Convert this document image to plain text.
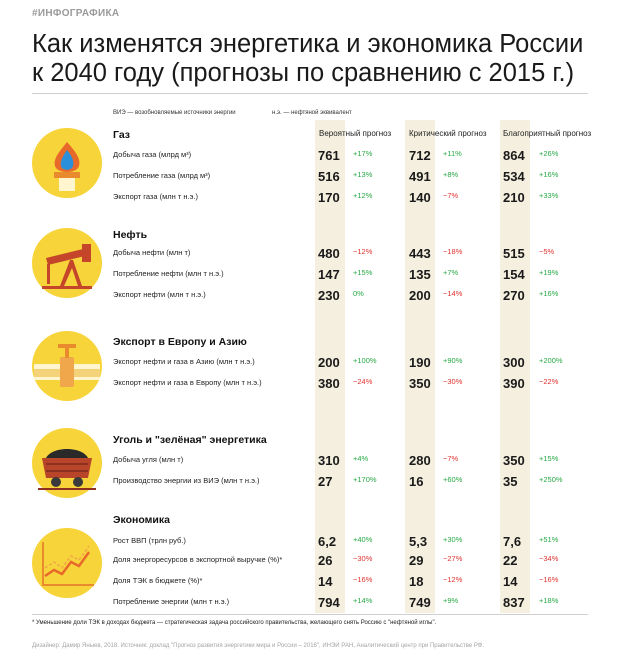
#ИНФОГРАФИКА
Как изменятся энергетика и экономика России к 2040 году (прогнозы по сравнению с 2015 г.)
ВИЭ — возобновляемые источники энергии	н.э. — нефтяной эквивалент
Вероятный прогноз Критический прогноз Благоприятный прогноз
Газ
Добыча газа (млрд м³)	761 +17%	712 +11%	864 +26%
Потребление газа (млрд м³)	516 +13%	491 +8%	534 +16%
Экспорт газа (млн т н.э.)	170 +12%	140 −7%	210 +33%
Нефть
Добыча нефти (млн т)	480 −12%	443 −18%	515 −5%
Потребление нефти (млн т н.э.)	147 +15%	135 +7%	154 +19%
Экспорт нефти (млн т н.э.)	230 0%	200 −14%	270 +16%
Экспорт в Европу и Азию
Экспорт нефти и газа в Азию (млн т н.э.)	200 +100% 190 +90%	300 +200%
Экспорт нефти и газа в Европу (млн т н.э.)	380 −24%	350 −30%	390 −22%
Уголь и "зелёная" энергетика
Добыча угля (млн т)	310 +4%	280 −7%	350 +15%
Производство энергии из ВИЭ (млн т н.э.)	27	+170% 16	+60%	35	+250%
Экономика
Рост ВВП (трлн руб.)	6,2 +40%	5,3 +30%	7,6 +51%
Доля энергоресурсов в экспортной выручке (%)*	26	−30%	29	−27%	22	−34%
Доля ТЭК в бюджете (%)*	14	−16%	18	−12%	14	−16%
Потребление энергии (млн т н.э.)	794 +14%	749 +9%	837 +18%
* Уменьшение доли ТЭК в доходах бюджета — стратегическая задача российского правительства, желающего снять Россию с "нефтяной иглы".
Дизайнер: Дамир Яныев, 2018. Источник: доклад "Прогноз развития энергетики мира и России – 2016", ИНЭИ РАН, Аналитический центр при Правительстве РФ.
